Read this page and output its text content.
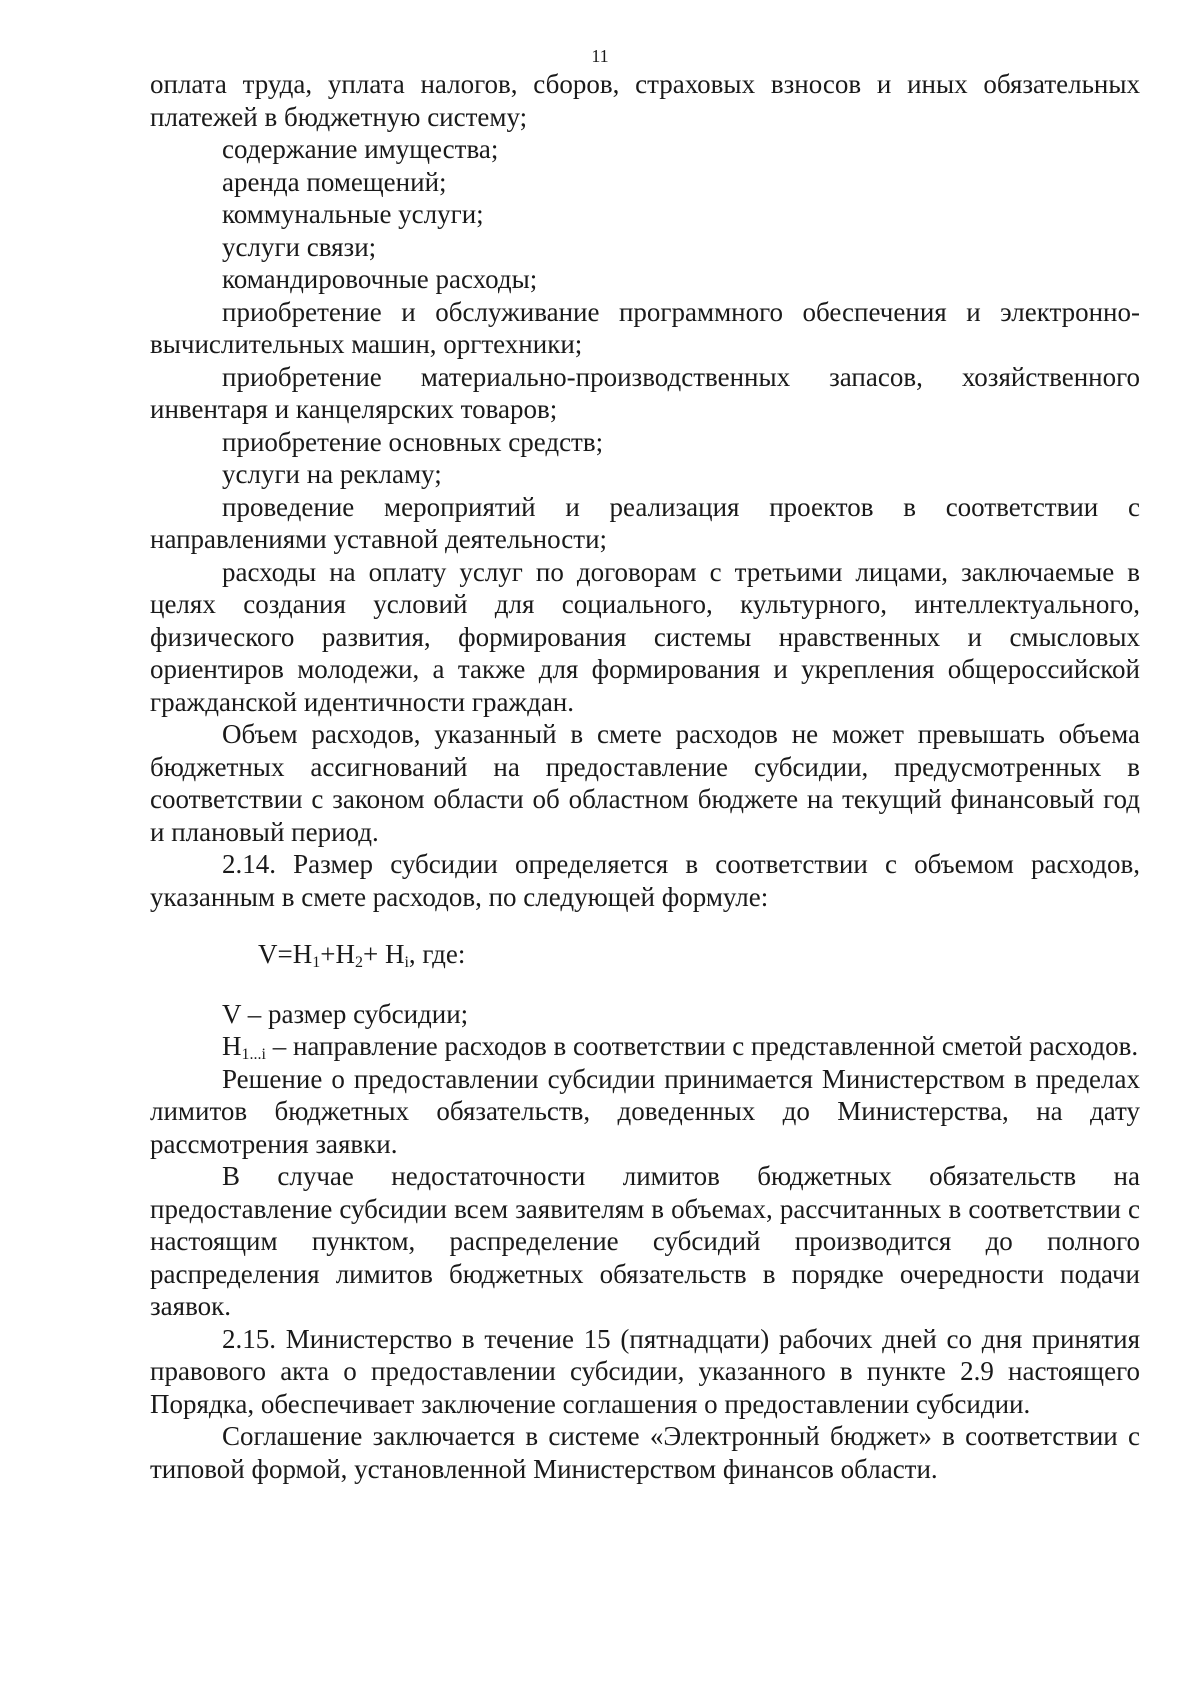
11

оплата труда, уплата налогов, сборов, страховых взносов и иных обязательных платежей в бюджетную систему;

содержание имущества;

аренда помещений;

коммунальные услуги;

услуги связи;

командировочные расходы;

приобретение и обслуживание программного обеспечения и электронно-вычислительных машин, оргтехники;

приобретение материально-производственных запасов, хозяйственного инвентаря и канцелярских товаров;

приобретение основных средств;

услуги на рекламу;

проведение мероприятий и реализация проектов в соответствии с направлениями уставной деятельности;

расходы на оплату услуг по договорам с третьими лицами, заключаемые в целях создания условий для социального, культурного, интеллектуального, физического развития, формирования системы нравственных и смысловых ориентиров молодежи, а также для формирования и укрепления общероссийской гражданской идентичности граждан.

Объем расходов, указанный в смете расходов не может превышать объема бюджетных ассигнований на предоставление субсидии, предусмотренных в соответствии с законом области об областном бюджете на текущий финансовый год и плановый период.

2.14. Размер субсидии определяется в соответствии с объемом расходов, указанным в смете расходов, по следующей формуле:

$V=H_1+H_2+ H_i$, где:

V – размер субсидии;

$H_{1...i}$ – направление расходов в соответствии с представленной сметой расходов.

Решение о предоставлении субсидии принимается Министерством в пределах лимитов бюджетных обязательств, доведенных до Министерства, на дату рассмотрения заявки.

В случае недостаточности лимитов бюджетных обязательств на предоставление субсидии всем заявителям в объемах, рассчитанных в соответствии с настоящим пунктом, распределение субсидий производится до полного распределения лимитов бюджетных обязательств в порядке очередности подачи заявок.

2.15. Министерство в течение 15 (пятнадцати) рабочих дней со дня принятия правового акта о предоставлении субсидии, указанного в пункте 2.9 настоящего Порядка, обеспечивает заключение соглашения о предоставлении субсидии.

Соглашение заключается в системе «Электронный бюджет» в соответствии с типовой формой, установленной Министерством финансов области.
